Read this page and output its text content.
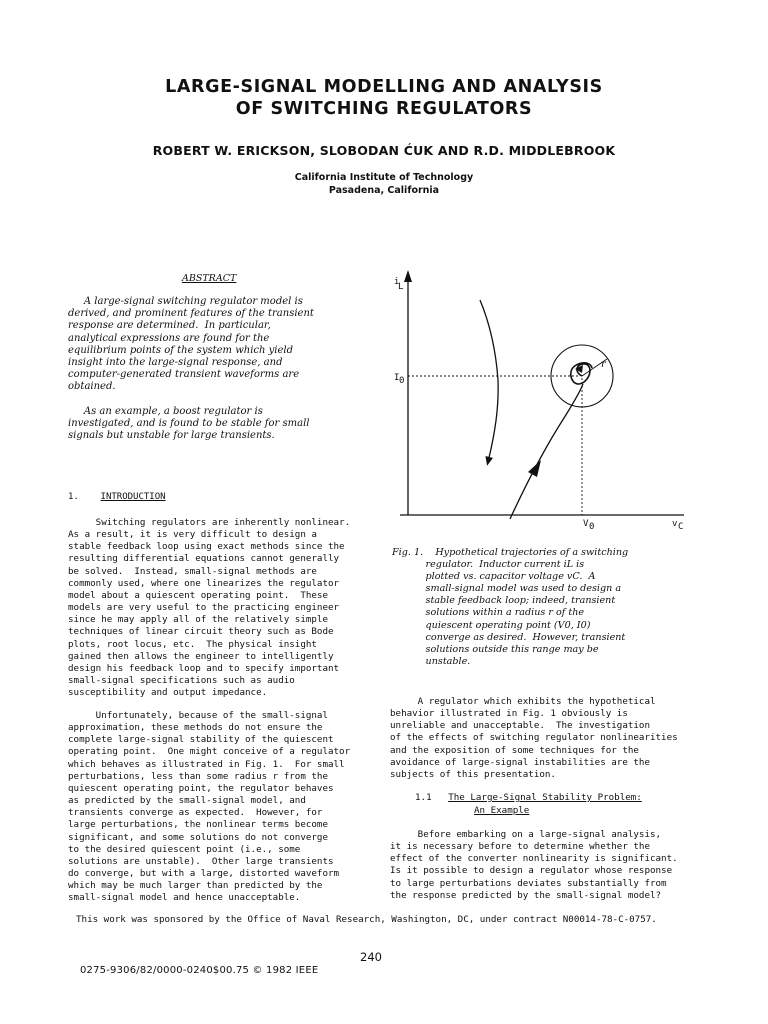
LARGE-SIGNAL MODELLING AND ANALYSIS
OF SWITCHING REGULATORS
ROBERT W. ERICKSON, SLOBODAN ĆUK AND R.D. MIDDLEBROOK
California Institute of Technology
Pasadena, California
ABSTRACT
A large-signal switching regulator model is
derived, and prominent features of the transient
response are determined.  In particular,
analytical expressions are found for the
equilibrium points of the system which yield
insight into the large-signal response, and
computer-generated transient waveforms are
obtained.
As an example, a boost regulator is
investigated, and is found to be stable for small
signals but unstable for large transients.
1. INTRODUCTION
Switching regulators are inherently nonlinear.
As a result, it is very difficult to design a
stable feedback loop using exact methods since the
resulting differential equations cannot generally
be solved.  Instead, small-signal methods are
commonly used, where one linearizes the regulator
model about a quiescent operating point.  These
models are very useful to the practicing engineer
since he may apply all of the relatively simple
techniques of linear circuit theory such as Bode
plots, root locus, etc.  The physical insight
gained then allows the engineer to intelligently
design his feedback loop and to specify important
small-signal specifications such as audio
susceptibility and output impedance.
Unfortunately, because of the small-signal
approximation, these methods do not ensure the
complete large-signal stability of the quiescent
operating point.  One might conceive of a regulator
which behaves as illustrated in Fig. 1.  For small
perturbations, less than some radius r from the
quiescent operating point, the regulator behaves
as predicted by the small-signal model, and
transients converge as expected.  However, for
large perturbations, the nonlinear terms become
significant, and some solutions do not converge
to the desired quiescent point (i.e., some
solutions are unstable).  Other large transients
do converge, but with a large, distorted waveform
which may be much larger than predicted by the
small-signal model and hence unacceptable.
i
L
I 0
V 0	v C
r
Fig. 1.    Hypothetical trajectories of a switching
regulator.  Inductor current iL is
plotted vs. capacitor voltage vC.  A
small-signal model was used to design a
stable feedback loop; indeed, transient
solutions within a radius r of the
quiescent operating point (V0, I0)
converge as desired.  However, transient
solutions outside this range may be
unstable.
A regulator which exhibits the hypothetical
behavior illustrated in Fig. 1 obviously is
unreliable and unacceptable.  The investigation
of the effects of switching regulator nonlinearities
and the exposition of some techniques for the
avoidance of large-signal instabilities are the
subjects of this presentation.
1.1 The Large-Signal Stability Problem:
An Example
Before embarking on a large-signal analysis,
it is necessary before to determine whether the
effect of the converter nonlinearity is significant.
Is it possible to design a regulator whose response
to large perturbations deviates substantially from
the response predicted by the small-signal model?
This work was sponsored by the Office of Naval Research, Washington, DC, under contract N00014-78-C-0757.
240
0275-9306/82/0000-0240$00.75 © 1982 IEEE
